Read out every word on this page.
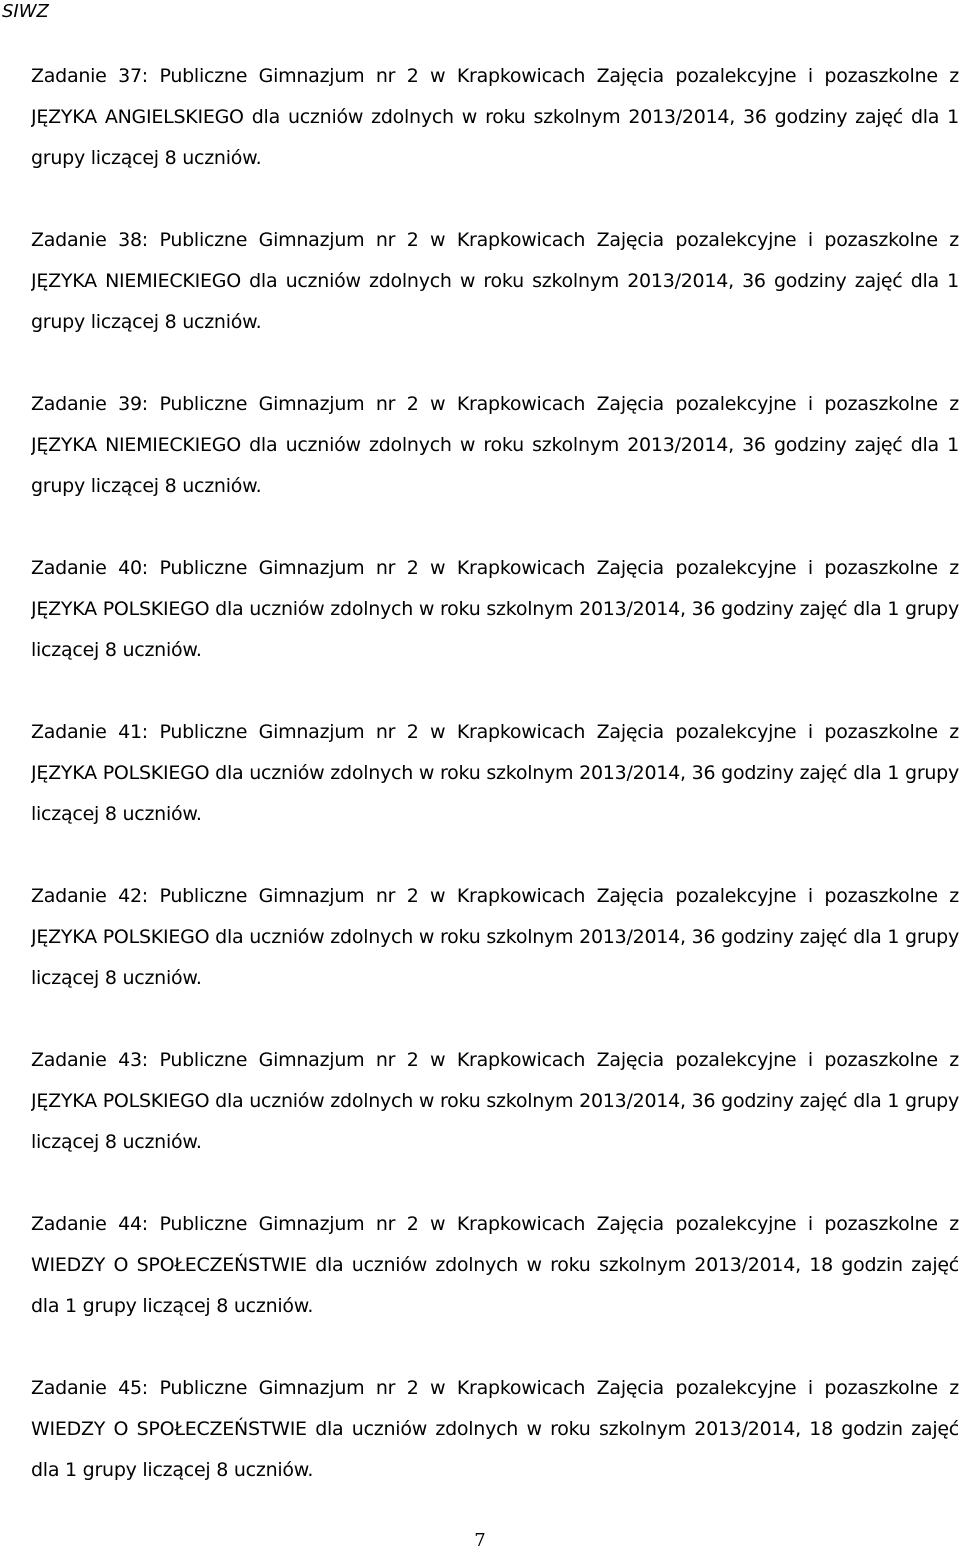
SIWZ

Zadanie 37: Publiczne Gimnazjum nr 2 w Krapkowicach Zajęcia pozalekcyjne i pozaszkolne z JĘZYKA ANGIELSKIEGO dla uczniów zdolnych w roku szkolnym 2013/2014, 36 godziny zajęć dla 1 grupy liczącej 8 uczniów.

Zadanie 38: Publiczne Gimnazjum nr 2 w Krapkowicach Zajęcia pozalekcyjne i pozaszkolne z JĘZYKA NIEMIECKIEGO dla uczniów zdolnych w roku szkolnym 2013/2014, 36 godziny zajęć dla 1 grupy liczącej 8 uczniów.

Zadanie 39: Publiczne Gimnazjum nr 2 w Krapkowicach Zajęcia pozalekcyjne i pozaszkolne z JĘZYKA NIEMIECKIEGO dla uczniów zdolnych w roku szkolnym 2013/2014, 36 godziny zajęć dla 1 grupy liczącej 8 uczniów.

Zadanie 40: Publiczne Gimnazjum nr 2 w Krapkowicach Zajęcia pozalekcyjne i pozaszkolne z JĘZYKA POLSKIEGO dla uczniów zdolnych w roku szkolnym 2013/2014, 36 godziny zajęć dla 1 grupy liczącej 8 uczniów.

Zadanie 41: Publiczne Gimnazjum nr 2 w Krapkowicach Zajęcia pozalekcyjne i pozaszkolne z JĘZYKA POLSKIEGO dla uczniów zdolnych w roku szkolnym 2013/2014, 36 godziny zajęć dla 1 grupy liczącej 8 uczniów.

Zadanie 42: Publiczne Gimnazjum nr 2 w Krapkowicach Zajęcia pozalekcyjne i pozaszkolne z JĘZYKA POLSKIEGO dla uczniów zdolnych w roku szkolnym 2013/2014, 36 godziny zajęć dla 1 grupy liczącej 8 uczniów.

Zadanie 43: Publiczne Gimnazjum nr 2 w Krapkowicach Zajęcia pozalekcyjne i pozaszkolne z JĘZYKA POLSKIEGO dla uczniów zdolnych w roku szkolnym 2013/2014, 36 godziny zajęć dla 1 grupy liczącej 8 uczniów.

Zadanie 44: Publiczne Gimnazjum nr 2 w Krapkowicach Zajęcia pozalekcyjne i pozaszkolne z WIEDZY O SPOŁECZEŃSTWIE dla uczniów zdolnych w roku szkolnym 2013/2014, 18 godzin zajęć dla 1 grupy liczącej 8 uczniów.

Zadanie 45: Publiczne Gimnazjum nr 2 w Krapkowicach Zajęcia pozalekcyjne i pozaszkolne z WIEDZY O SPOŁECZEŃSTWIE dla uczniów zdolnych w roku szkolnym 2013/2014, 18 godzin zajęć dla 1 grupy liczącej 8 uczniów.

7
